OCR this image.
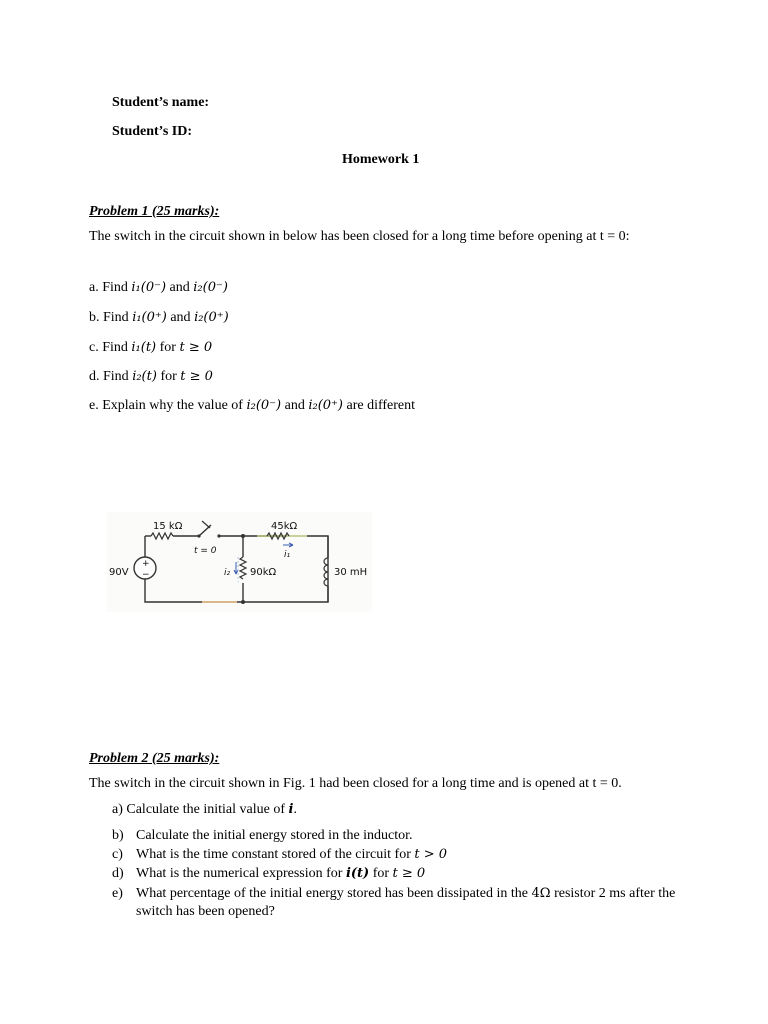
Student’s name:
Student’s ID:
Homework 1
Problem 1 (25 marks):
The switch in the circuit shown in below has been closed for a long time before opening at t = 0:
a. Find i₁(0⁻) and i₂(0⁻)
b. Find i₁(0⁺) and i₂(0⁺)
c. Find i₁(t) for t ≥ 0
d. Find i₂(t) for t ≥ 0
e. Explain why the value of i₂(0⁻) and i₂(0⁺) are different
15 kΩ	45kΩ
90kΩ	30 mH
90V
t = 0	i₁
i₂
+
−
Problem 2 (25 marks):
The switch in the circuit shown in Fig. 1 had been closed for a long time and is opened at t = 0.
a) Calculate the initial value of i.
b) Calculate the initial energy stored in the inductor.
c) What is the time constant stored of the circuit for t > 0
d) What is the numerical expression for i(t) for t ≥ 0
e) What percentage of the initial energy stored has been dissipated in the 4Ω resistor 2 ms after the
switch has been opened?
